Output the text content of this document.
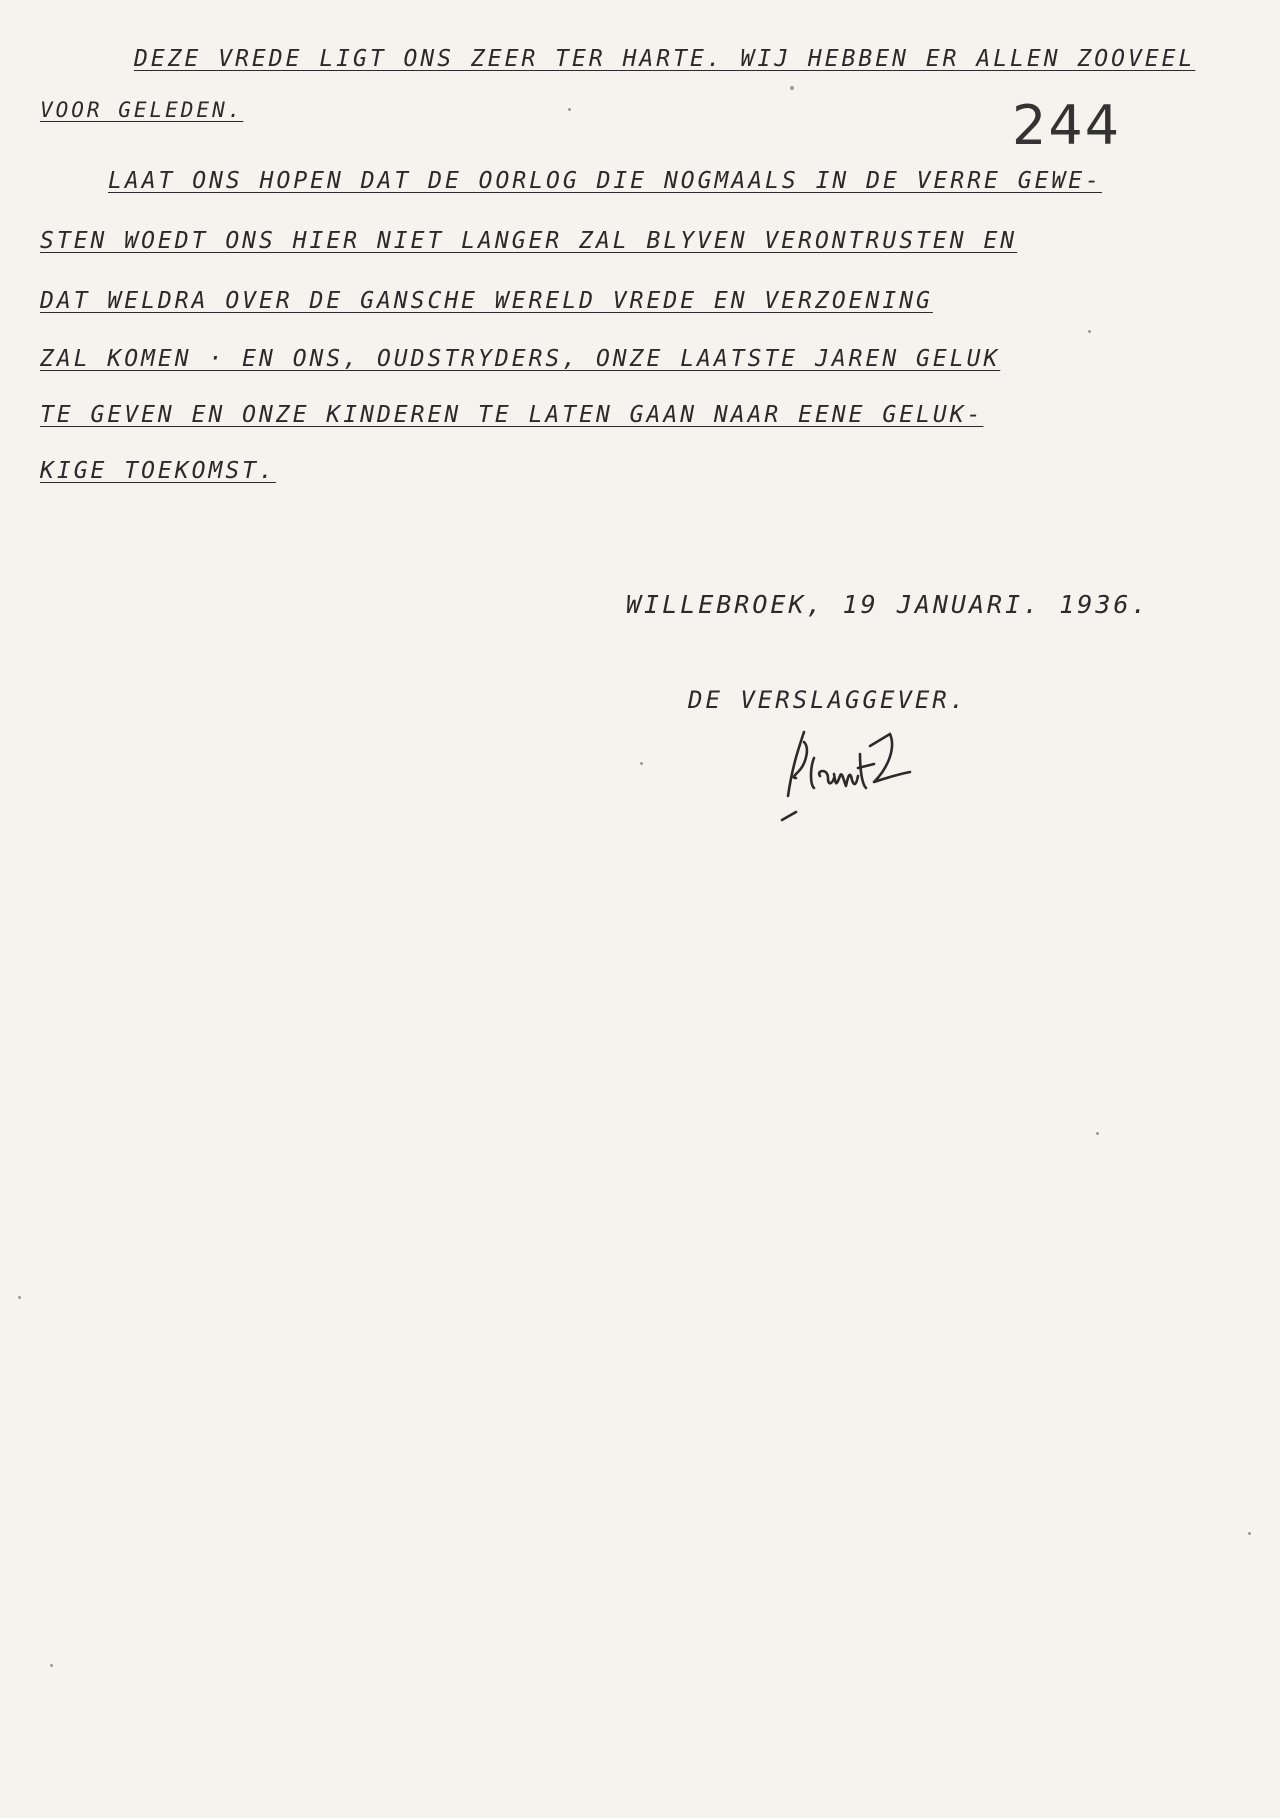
DEZE VREDE LIGT ONS ZEER TER HARTE. WIJ HEBBEN ER ALLEN ZOOVEEL
VOOR GELEDEN.	244
LAAT ONS HOPEN DAT DE OORLOG DIE NOGMAALS IN DE VERRE GEWE-
STEN WOEDT ONS HIER NIET LANGER ZAL BLYVEN VERONTRUSTEN EN
DAT WELDRA OVER DE GANSCHE WERELD VREDE EN VERZOENING
ZAL KOMEN · EN ONS, OUDSTRYDERS, ONZE LAATSTE JAREN GELUK
TE GEVEN EN ONZE KINDEREN TE LATEN GAAN NAAR EENE GELUK-
KIGE TOEKOMST.
WILLEBROEK, 19 JANUARI. 1936.
DE VERSLAGGEVER.
